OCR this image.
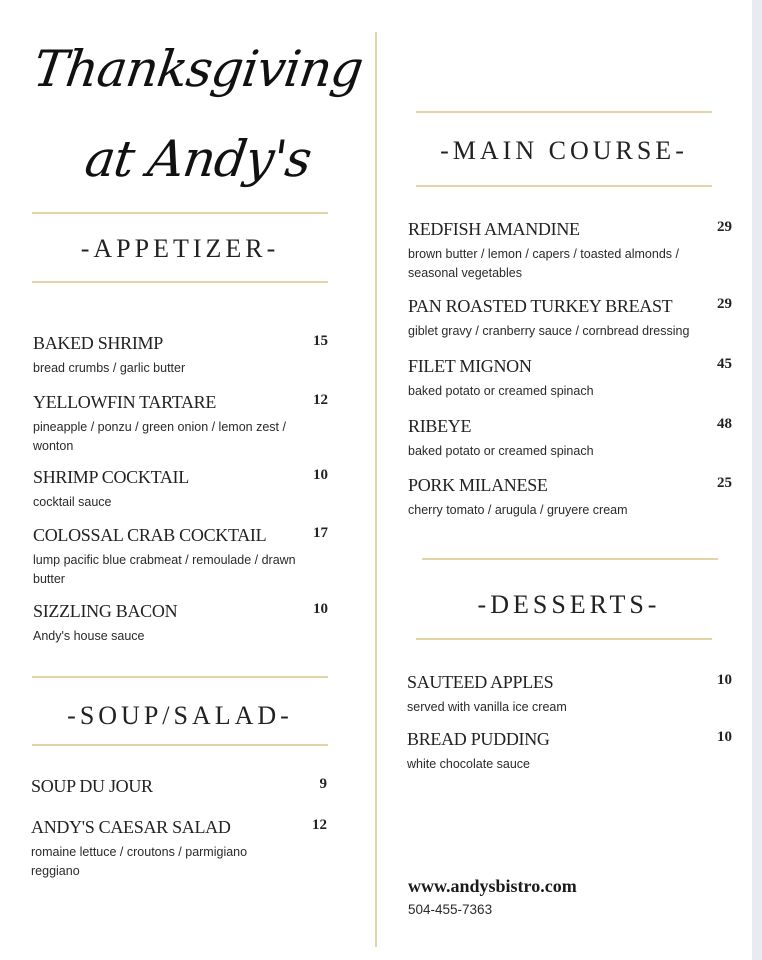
Thanksgiving
at Andy's
-APPETIZER-
BAKED SHRIMP	15
bread crumbs / garlic butter
YELLOWFIN TARTARE	12
pineapple / ponzu / green onion / lemon zest / wonton
SHRIMP COCKTAIL	10
cocktail sauce
COLOSSAL CRAB COCKTAIL	17
lump pacific blue crabmeat / remoulade / drawn butter
SIZZLING BACON	10
Andy's house sauce
-SOUP/SALAD-
SOUP DU JOUR	9
ANDY'S CAESAR SALAD	12
romaine lettuce / croutons / parmigiano reggiano
-MAIN COURSE-
REDFISH AMANDINE	29
brown butter / lemon / capers / toasted almonds / seasonal vegetables
PAN ROASTED TURKEY BREAST	29
giblet gravy / cranberry sauce / cornbread dressing
FILET MIGNON	45
baked potato or creamed spinach
RIBEYE	48
baked potato or creamed spinach
PORK MILANESE	25
cherry tomato / arugula / gruyere cream
-DESSERTS-
SAUTEED APPLES	10
served with vanilla ice cream
BREAD PUDDING	10
white chocolate sauce
www.andysbistro.com
504-455-7363
